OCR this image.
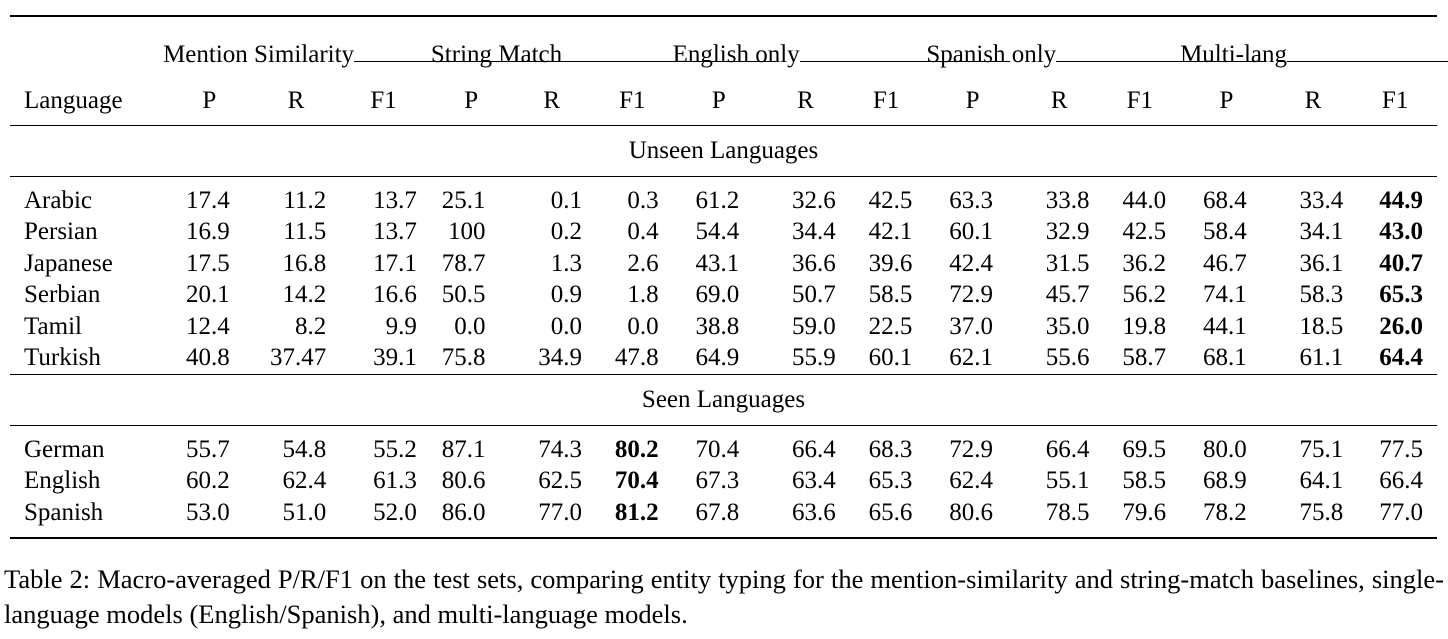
	Mention Similarity			String Match			English only			Spanish only			Multi-lang		
Language	P	R	F1	P	R	F1	P	R	F1	P	R	F1	P	R	F1
Unseen Languages															

Arabic	17.4	11.2	13.7	25.1	0.1	0.3	61.2	32.6	42.5	63.3	33.8	44.0	68.4	33.4	44.9
Persian	16.9	11.5	13.7	100	0.2	0.4	54.4	34.4	42.1	60.1	32.9	42.5	58.4	34.1	43.0
Japanese	17.5	16.8	17.1	78.7	1.3	2.6	43.1	36.6	39.6	42.4	31.5	36.2	46.7	36.1	40.7
Serbian	20.1	14.2	16.6	50.5	0.9	1.8	69.0	50.7	58.5	72.9	45.7	56.2	74.1	58.3	65.3
Tamil	12.4	8.2	9.9	0.0	0.0	0.0	38.8	59.0	22.5	37.0	35.0	19.8	44.1	18.5	26.0
Turkish	40.8	37.47	39.1	75.8	34.9	47.8	64.9	55.9	60.1	62.1	55.6	58.7	68.1	61.1	64.4
Seen Languages															

German	55.7	54.8	55.2	87.1	74.3	80.2	70.4	66.4	68.3	72.9	66.4	69.5	80.0	75.1	77.5
English	60.2	62.4	61.3	80.6	62.5	70.4	67.3	63.4	65.3	62.4	55.1	58.5	68.9	64.1	66.4
Spanish	53.0	51.0	52.0	86.0	77.0	81.2	67.8	63.6	65.6	80.6	78.5	79.6	78.2	75.8	77.0
Table 2: Macro-averaged P/R/F1 on the test sets, comparing entity typing for the mention-similarity and string-match baselines, single-language models (English/Spanish), and multi-language models.
